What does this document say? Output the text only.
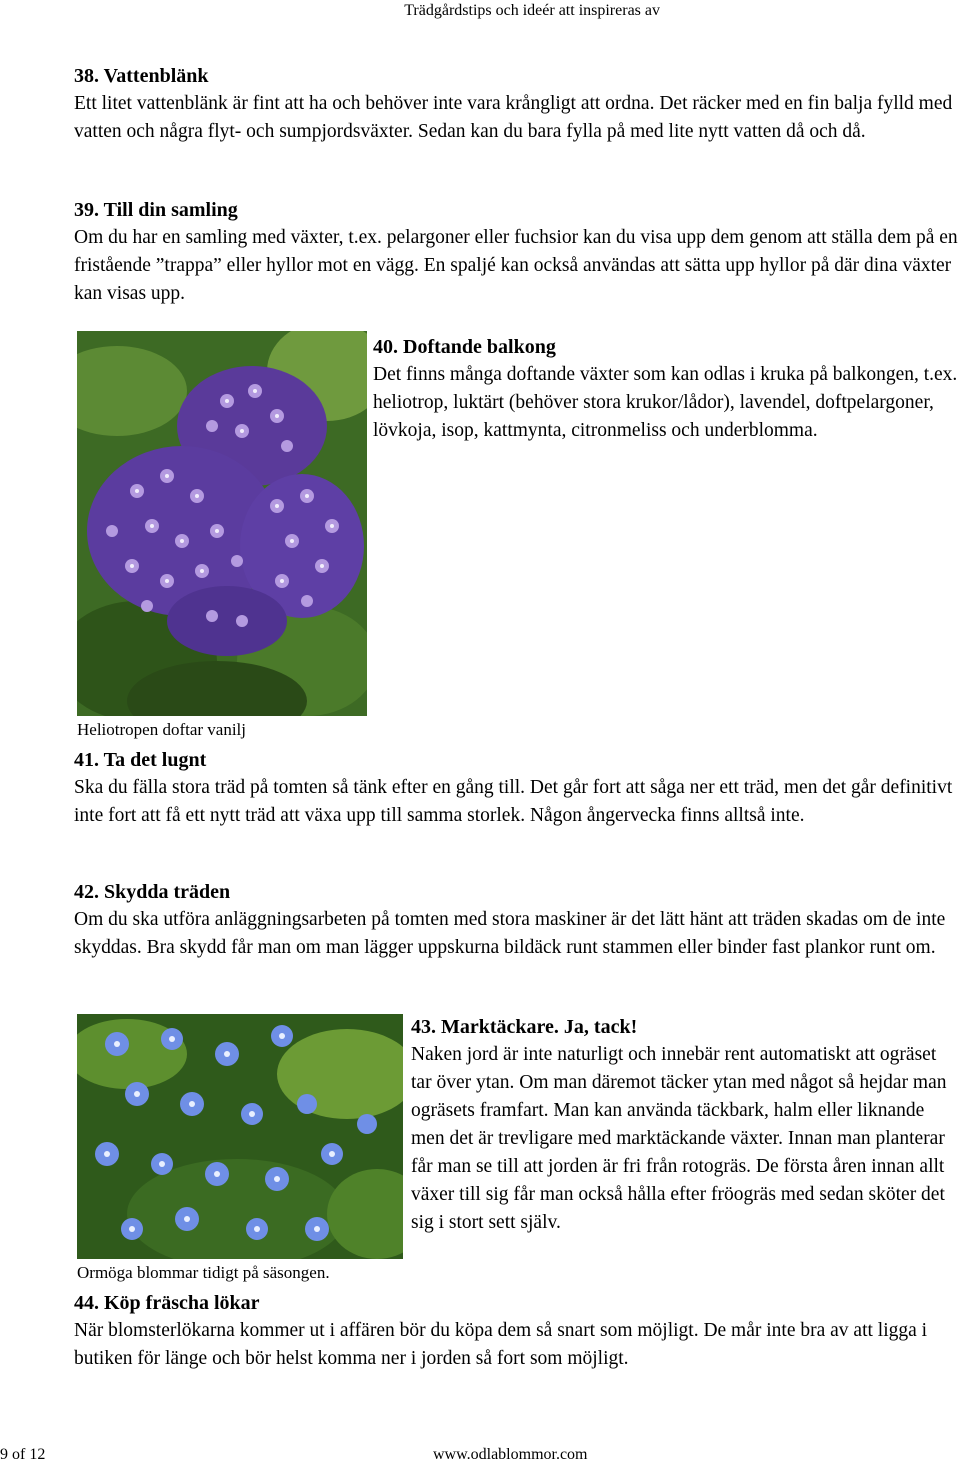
Trädgårdstips och ideér att inspireras av
38. Vattenblänk

Ett litet vattenblänk är fint att ha och behöver inte vara krångligt att ordna. Det räcker med en fin balja fylld med vatten och några flyt- och sumpjordsväxter. Sedan kan du bara fylla på med lite nytt vatten då och då.

39. Till din samling

Om du har en samling med växter, t.ex. pelargoner eller fuchsior kan du visa upp dem genom att ställa dem på en fristående ”trappa” eller hyllor mot en vägg. En spaljé kan också användas att sätta upp hyllor på där dina växter kan visas upp.

Heliotropen doftar vanilj
40. Doftande balkong

Det finns många doftande växter som kan odlas i kruka på balkongen, t.ex. heliotrop, luktärt (behöver stora krukor/lådor), lavendel, doftpelargoner, lövkoja, isop, kattmynta, citronmeliss och underblomma.

41. Ta det lugnt

Ska du fälla stora träd på tomten så tänk efter en gång till. Det går fort att såga ner ett träd, men det går definitivt inte fort att få ett nytt träd att växa upp till samma storlek. Någon ångervecka finns alltså inte.

42. Skydda träden

Om du ska utföra anläggningsarbeten på tomten med stora maskiner är det lätt hänt att träden skadas om de inte skyddas. Bra skydd får man om man lägger uppskurna bildäck runt stammen eller binder fast plankor runt om.

Ormöga blommar tidigt på säsongen.
43. Marktäckare. Ja, tack!

Naken jord är inte naturligt och innebär rent automatiskt att ogräset tar över ytan. Om man däremot täcker ytan med något så hejdar man ogräsets framfart. Man kan använda täckbark, halm eller liknande men det är trevligare med marktäckande växter. Innan man planterar får man se till att jorden är fri från rotogräs. De första åren innan allt växer till sig får man också hålla efter fröogräs med sedan sköter det sig i stort sett själv.

44. Köp fräscha lökar

När blomsterlökarna kommer ut i affären bör du köpa dem så snart som möjligt. De mår inte bra av att ligga i butiken för länge och bör helst komma ner i jorden så fort som möjligt.

9 of 12	www.odlablommor.com
